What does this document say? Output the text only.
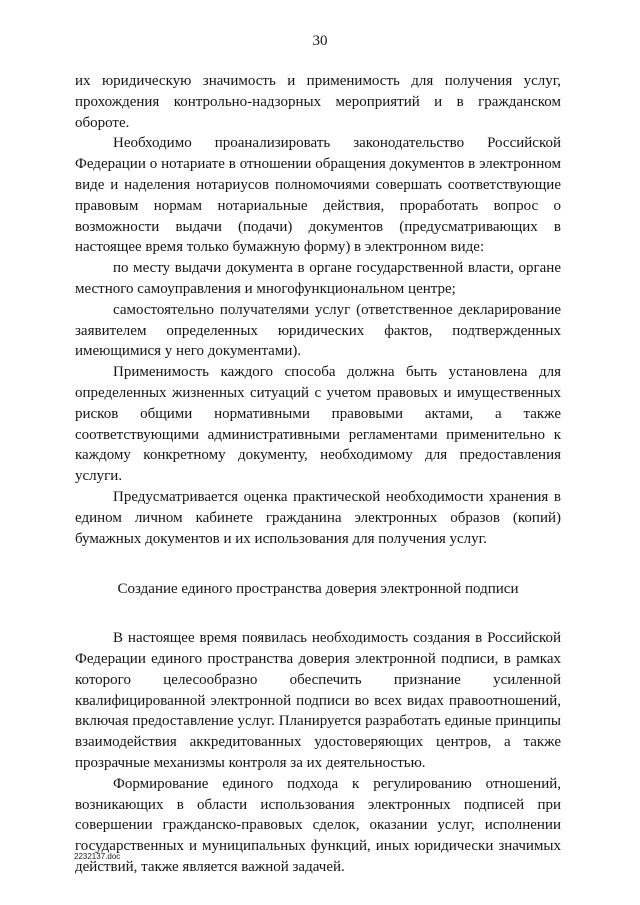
30

их юридическую значимость и применимость для получения услуг, прохождения контрольно-надзорных мероприятий и в гражданском обороте.

Необходимо проанализировать законодательство Российской Федерации о нотариате в отношении обращения документов в электронном виде и наделения нотариусов полномочиями совершать соответствующие правовым нормам нотариальные действия, проработать вопрос о возможности выдачи (подачи) документов (предусматривающих в настоящее время только бумажную форму) в электронном виде:

по месту выдачи документа в органе государственной власти, органе местного самоуправления и многофункциональном центре;

самостоятельно получателями услуг (ответственное декларирование заявителем определенных юридических фактов, подтвержденных имеющимися у него документами).

Применимость каждого способа должна быть установлена для определенных жизненных ситуаций с учетом правовых и имущественных рисков общими нормативными правовыми актами, а также соответствующими административными регламентами применительно к каждому конкретному документу, необходимому для предоставления услуги.

Предусматривается оценка практической необходимости хранения в едином личном кабинете гражданина электронных образов (копий) бумажных документов и их использования для получения услуг.

Создание единого пространства доверия электронной подписи

В настоящее время появилась необходимость создания в Российской Федерации единого пространства доверия электронной подписи, в рамках которого целесообразно обеспечить признание усиленной квалифицированной электронной подписи во всех видах правоотношений, включая предоставление услуг. Планируется разработать единые принципы взаимодействия аккредитованных удостоверяющих центров, а также прозрачные механизмы контроля за их деятельностью.

Формирование единого подхода к регулированию отношений, возникающих в области использования электронных подписей при совершении гражданско-правовых сделок, оказании услуг, исполнении государственных и муниципальных функций, иных юридически значимых действий, также является важной задачей.

2232137.doc
